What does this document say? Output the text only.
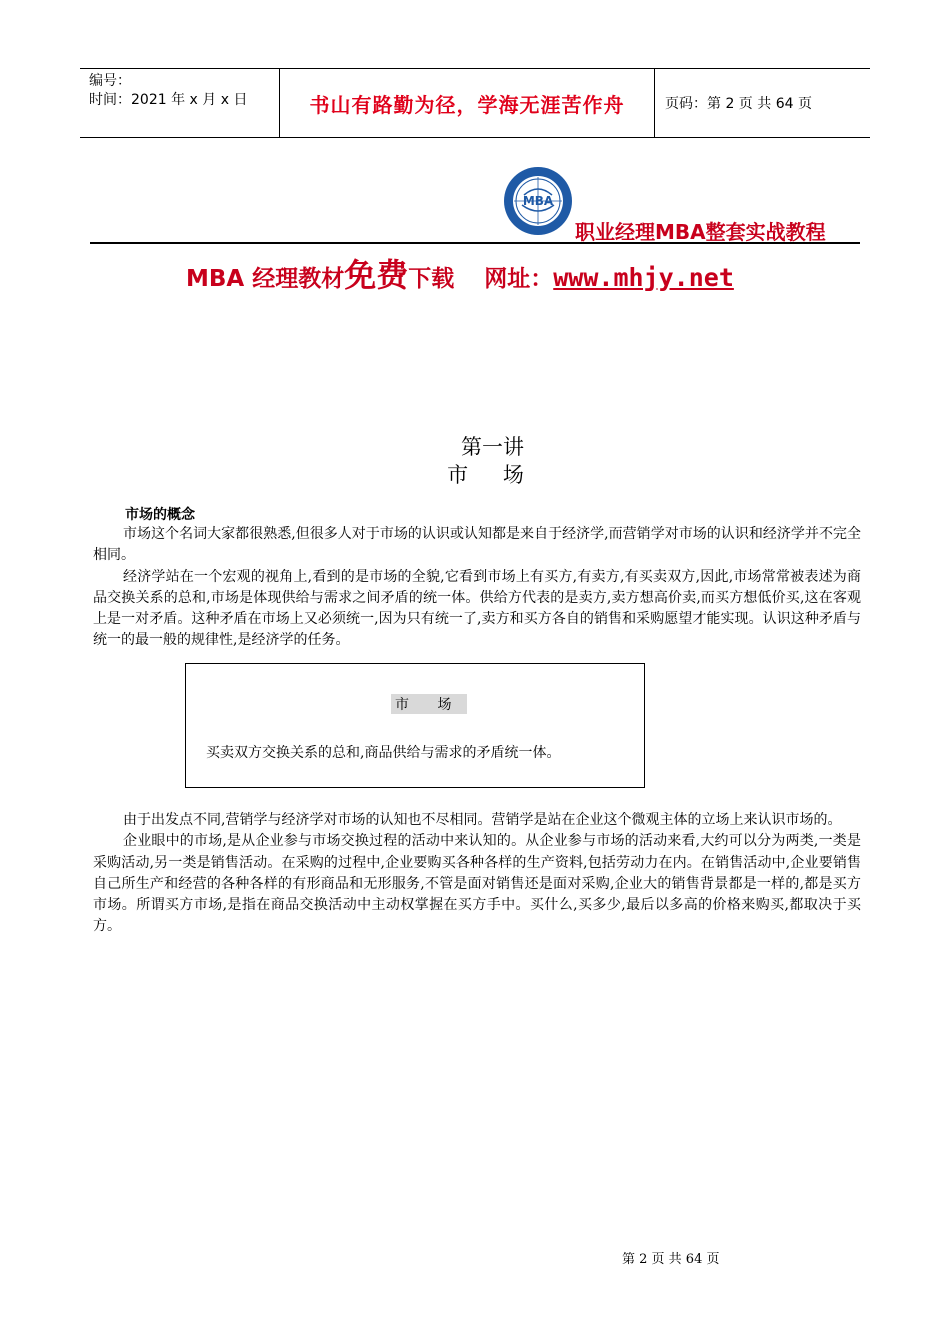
编号：
时间：2021 年 x 月 x 日	书山有路勤为径，学海无涯苦作舟	页码：第 2 页 共 64 页
MBA
职业经理MBA整套实战教程
MBA 经理教材免费下载 网址：www.mhjy.net
第一讲
市 场
市场的概念

市场这个名词大家都很熟悉,但很多人对于市场的认识或认知都是来自于经济学,而营销学对市场的认识和经济学并不完全相同。

经济学站在一个宏观的视角上,看到的是市场的全貌,它看到市场上有买方,有卖方,有买卖双方,因此,市场常常被表述为商品交换关系的总和,市场是体现供给与需求之间矛盾的统一体。供给方代表的是卖方,卖方想高价卖,而买方想低价买,这在客观上是一对矛盾。这种矛盾在市场上又必须统一,因为只有统一了,卖方和买方各自的销售和采购愿望才能实现。认识这种矛盾与统一的最一般的规律性,是经济学的任务。

市 场
买卖双方交换关系的总和,商品供给与需求的矛盾统一体。

由于出发点不同,营销学与经济学对市场的认知也不尽相同。营销学是站在企业这个微观主体的立场上来认识市场的。

企业眼中的市场,是从企业参与市场交换过程的活动中来认知的。从企业参与市场的活动来看,大约可以分为两类,一类是采购活动,另一类是销售活动。在采购的过程中,企业要购买各种各样的生产资料,包括劳动力在内。在销售活动中,企业要销售自己所生产和经营的各种各样的有形商品和无形服务,不管是面对销售还是面对采购,企业大的销售背景都是一样的,都是买方市场。所谓买方市场,是指在商品交换活动中主动权掌握在买方手中。买什么,买多少,最后以多高的价格来购买,都取决于买方。

第 2 页 共 64 页
